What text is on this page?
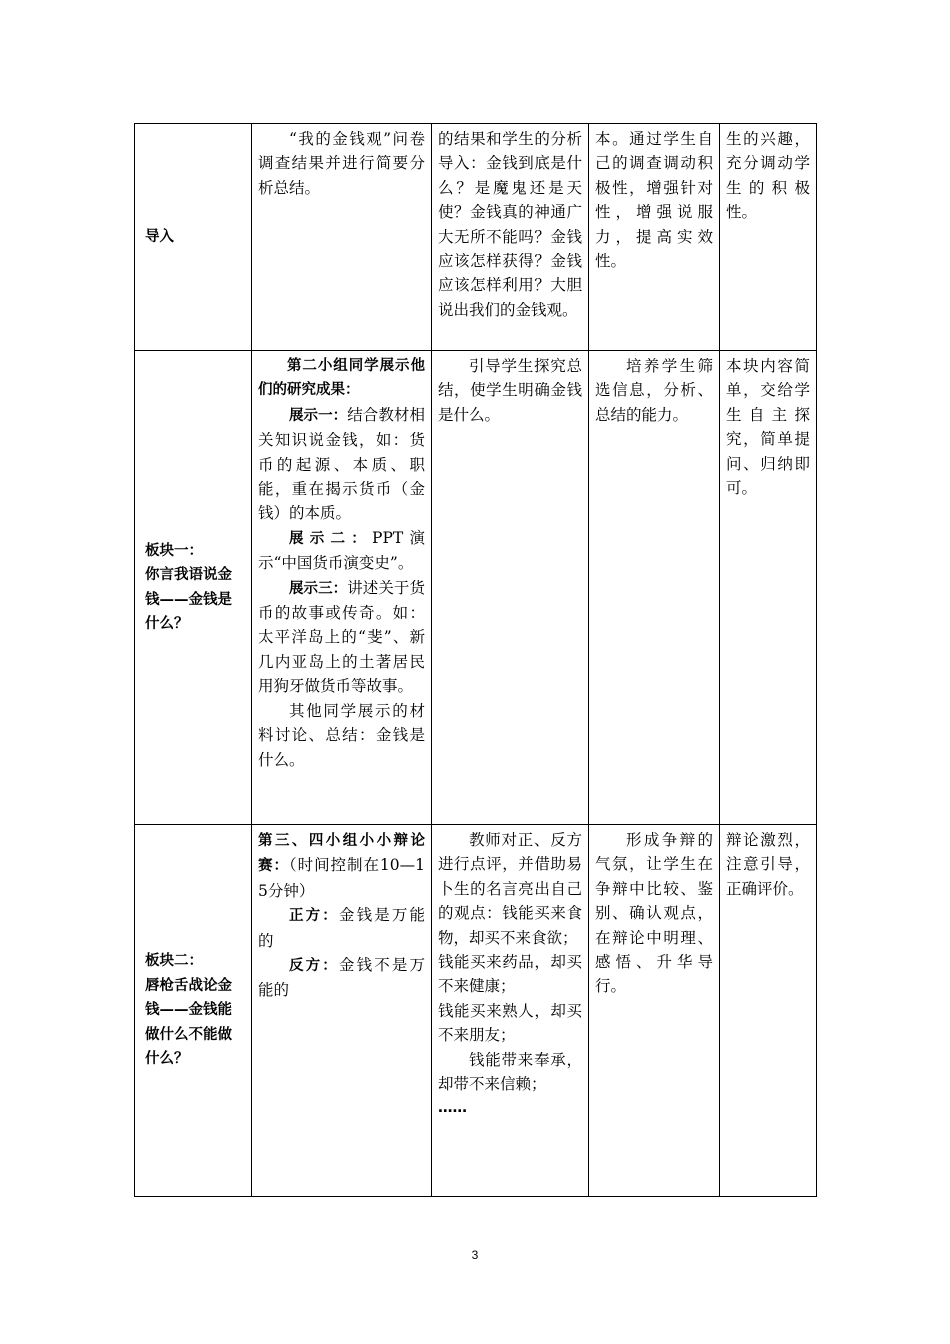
导入	“我的金钱观”问卷调查结果并进行简要分析总结。	的结果和学生的分析导入：金钱到底是什么？是魔鬼还是天使？金钱真的神通广大无所不能吗？金钱应该怎样获得？金钱应该怎样利用？大胆说出我们的金钱观。	本。通过学生自己的调查调动积极性，增强针对性，增强说服力，提高实效性。	生的兴趣，充分调动学生的积极性。

板块一：
你言我语说金钱——金钱是什么？	第二小组同学展示他们的研究成果：
展示一：结合教材相关知识说金钱，如：货币的起源、本质、职能，重在揭示货币（金钱）的本质。
展示二：PPT演示“中国货币演变史”。
展示三：讲述关于货币的故事或传奇。如：太平洋岛上的“斐”、新几内亚岛上的土著居民用狗牙做货币等故事。
其他同学展示的材料讨论、总结：金钱是什么。	引导学生探究总结，使学生明确金钱是什么。	培养学生筛选信息，分析、总结的能力。	本块内容简单，交给学生自主探究，简单提问、归纳即可。

板块二：
唇枪舌战论金钱——金钱能做什么不能做什么？	第三、四小组小小辩论赛：（时间控制在10—15分钟）
正方：金钱是万能的
反方：金钱不是万能的	教师对正、反方进行点评，并借助易卜生的名言亮出自己的观点：钱能买来食物，却买不来食欲；
钱能买来药品，却买不来健康；
钱能买来熟人，却买不来朋友；
钱能带来奉承，却带不来信赖；
……	形成争辩的气氛，让学生在争辩中比较、鉴别、确认观点，在辩论中明理、感悟、升华导行。	辩论激烈，注意引导，正确评价。
3
